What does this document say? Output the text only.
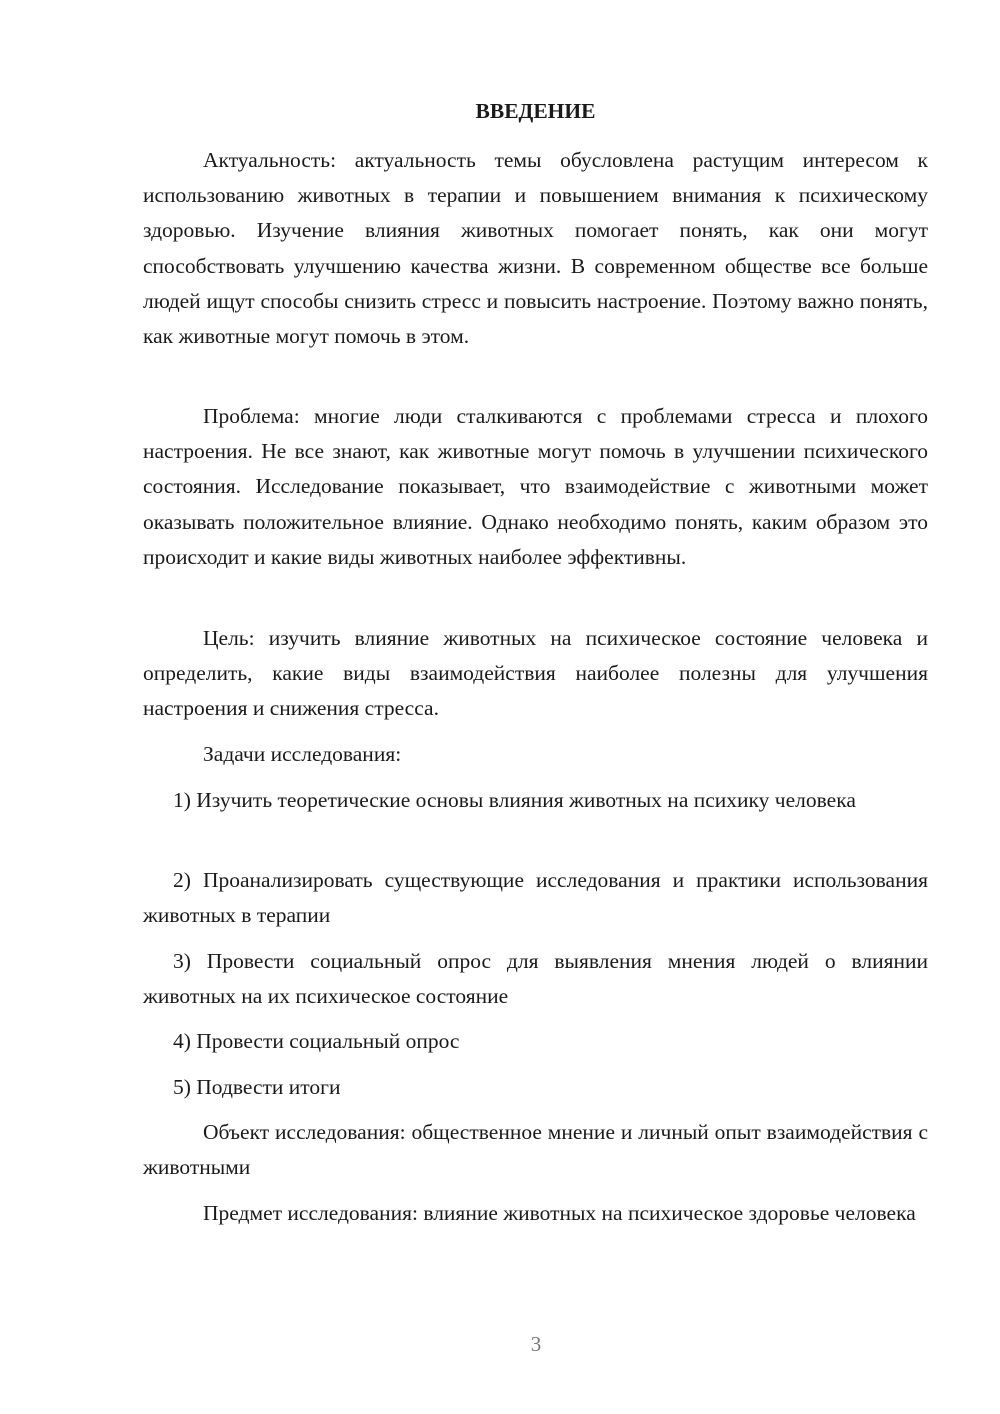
ВВЕДЕНИЕ

Актуальность: актуальность темы обусловлена растущим интересом к использованию животных в терапии и повышением внимания к психическому здоровью. Изучение влияния животных помогает понять, как они могут способствовать улучшению качества жизни. В современном обществе все больше людей ищут способы снизить стресс и повысить настроение. Поэтому важно понять, как животные могут помочь в этом.

Проблема: многие люди сталкиваются с проблемами стресса и плохого настроения. Не все знают, как животные могут помочь в улучшении психического состояния. Исследование показывает, что взаимодействие с животными может оказывать положительное влияние. Однако необходимо понять, каким образом это происходит и какие виды животных наиболее эффективны.

Цель: изучить влияние животных на психическое состояние человека и определить, какие виды взаимодействия наиболее полезны для улучшения настроения и снижения стресса.

Задачи исследования:

1) Изучить теоретические основы влияния животных на психику человека

2) Проанализировать существующие исследования и практики использования животных в терапии

3) Провести социальный опрос для выявления мнения людей о влиянии животных на их психическое состояние

4) Провести социальный опрос

5) Подвести итоги

Объект исследования: общественное мнение и личный опыт взаимодействия с животными

Предмет исследования: влияние животных на психическое здоровье человека

3
